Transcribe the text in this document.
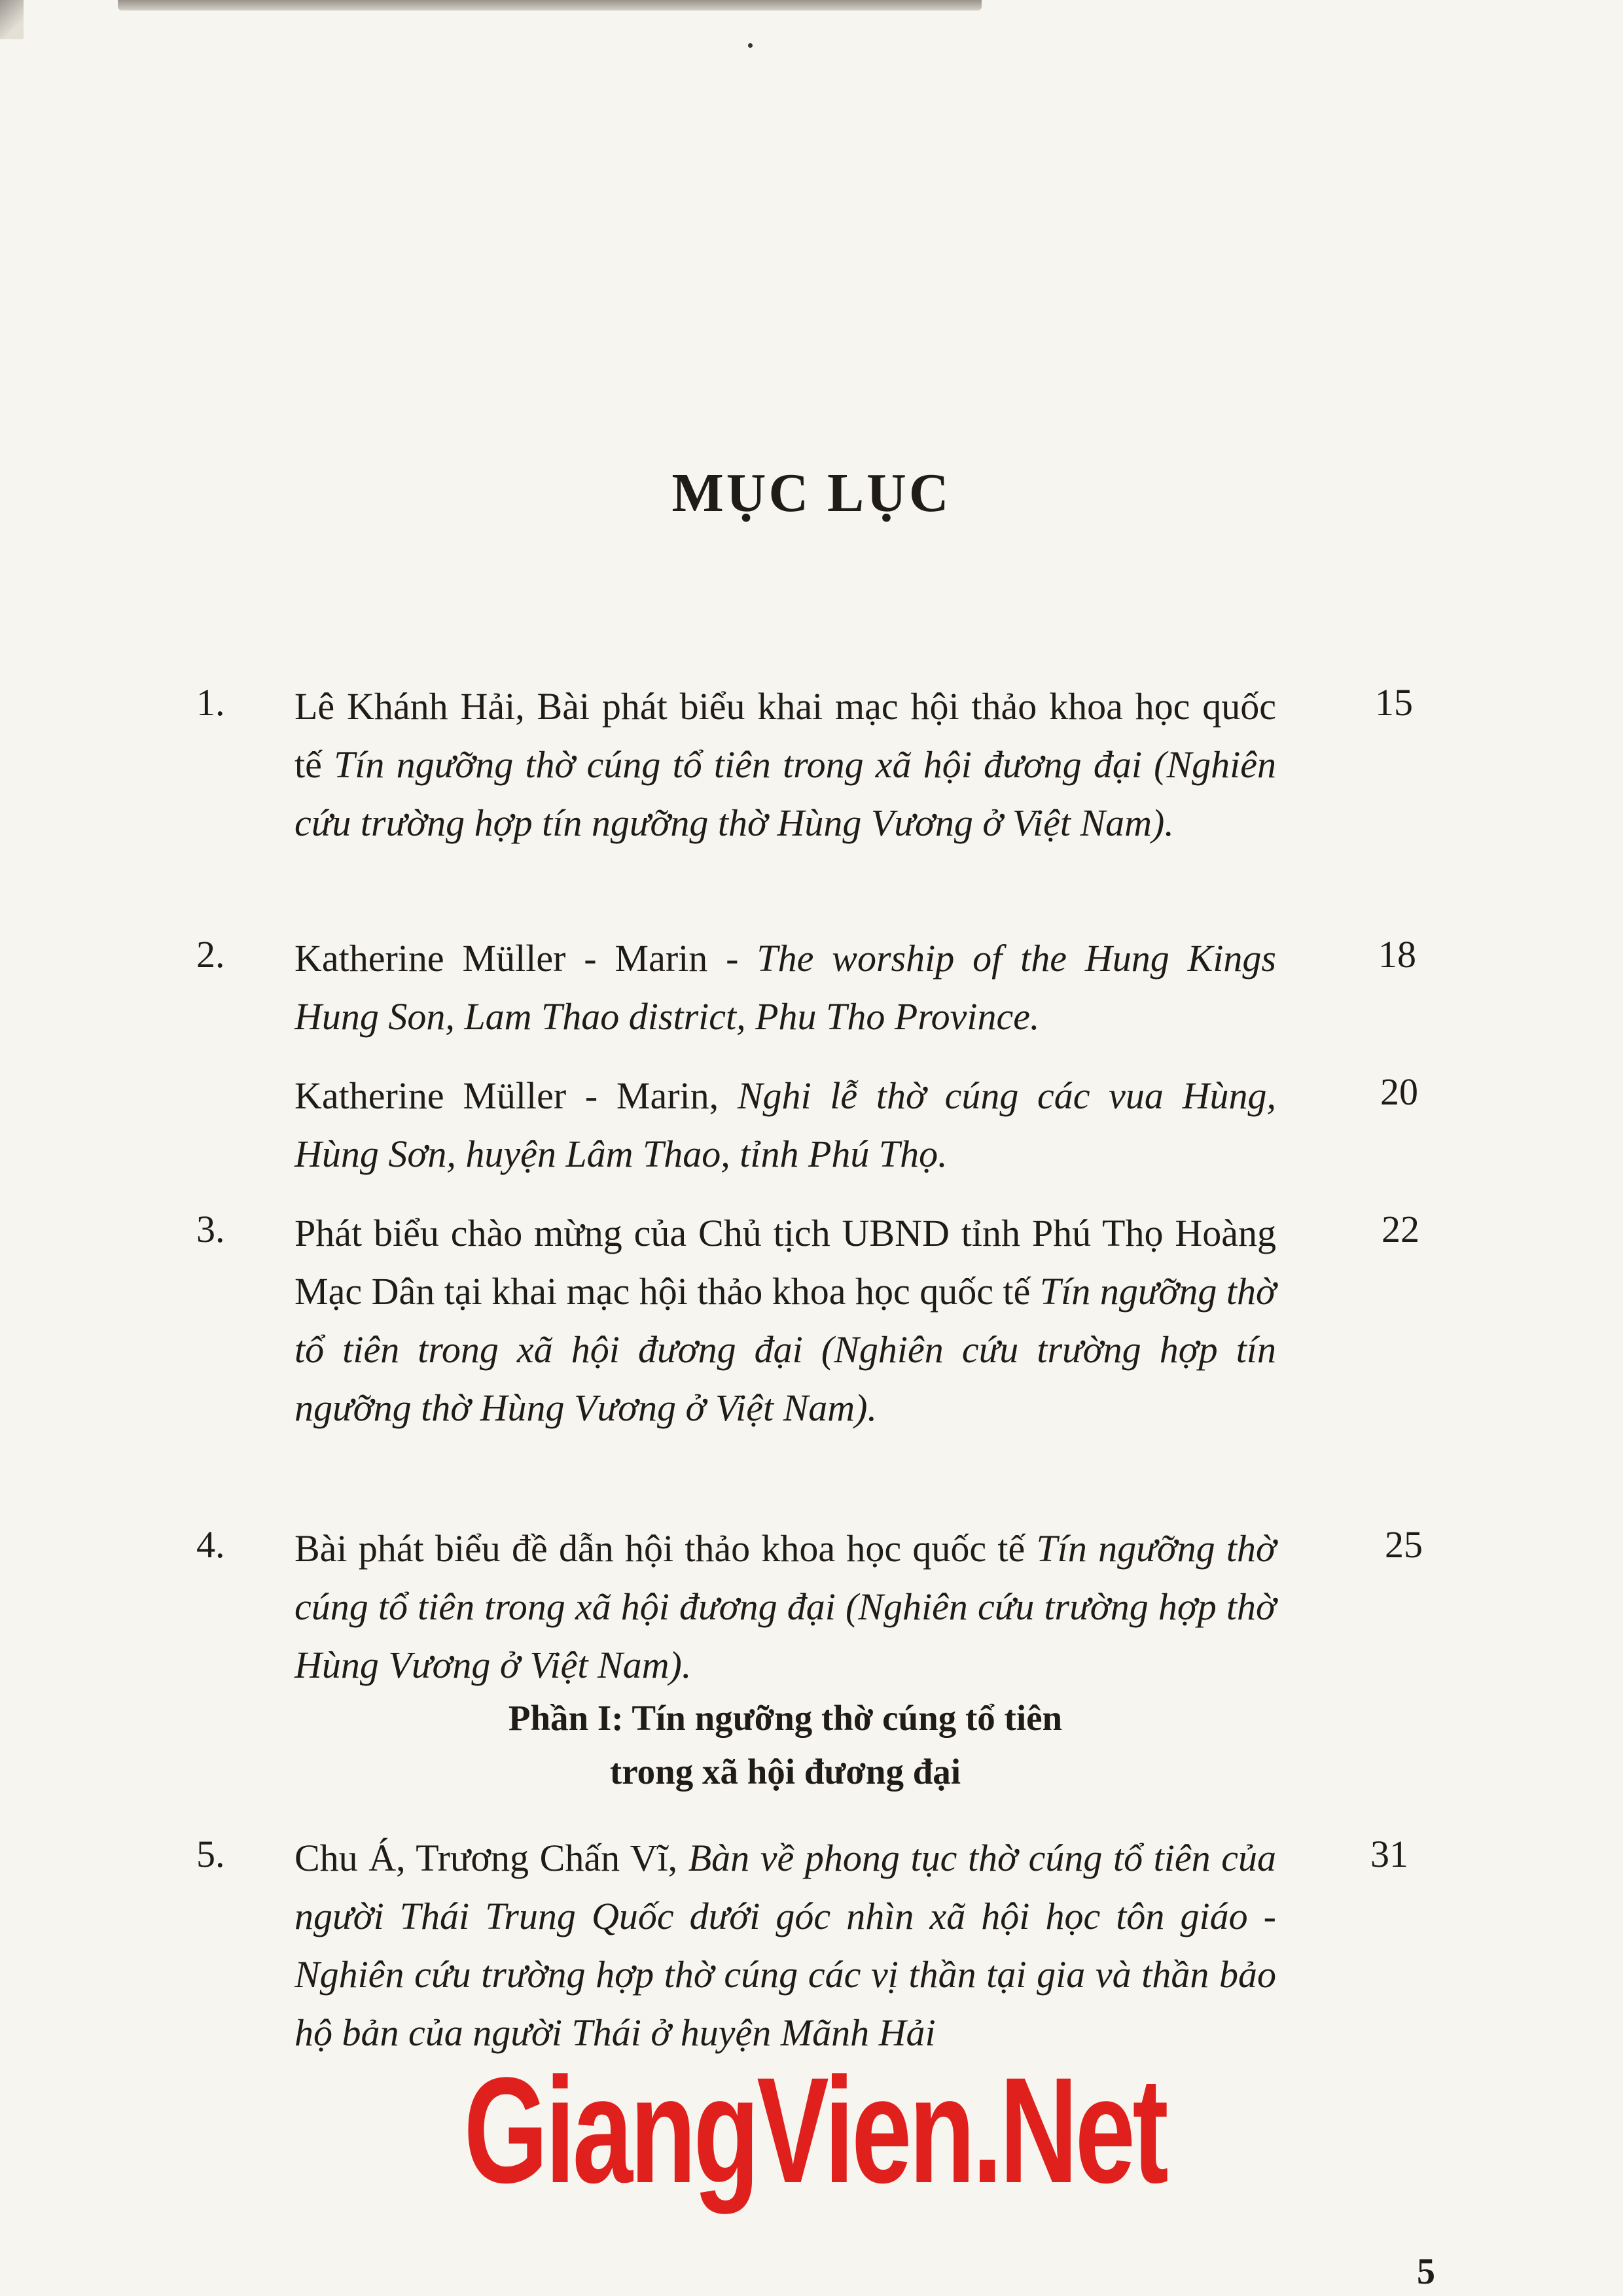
MỤC LỤC
1. Lê Khánh Hải, Bài phát biểu khai mạc hội thảo khoa học quốc tế Tín ngưỡng thờ cúng tổ tiên trong xã hội đương đại (Nghiên cứu trường hợp tín ngưỡng thờ Hùng Vương ở Việt Nam).
15
2. Katherine Müller - Marin - The worship of the Hung Kings Hung Son, Lam Thao district, Phu Tho Province.
18
Katherine Müller - Marin, Nghi lễ thờ cúng các vua Hùng, Hùng Sơn, huyện Lâm Thao, tỉnh Phú Thọ.
20
3. Phát biểu chào mừng của Chủ tịch UBND tỉnh Phú Thọ Hoàng Mạc Dân tại khai mạc hội thảo khoa học quốc tế Tín ngưỡng thờ tổ tiên trong xã hội đương đại (Nghiên cứu trường hợp tín ngưỡng thờ Hùng Vương ở Việt Nam).
22
4. Bài phát biểu đề dẫn hội thảo khoa học quốc tế Tín ngưỡng thờ cúng tổ tiên trong xã hội đương đại (Nghiên cứu trường hợp thờ Hùng Vương ở Việt Nam).
25
Phần I: Tín ngưỡng thờ cúng tổ tiên
trong xã hội đương đại
5. Chu Á, Trương Chấn Vĩ, Bàn về phong tục thờ cúng tổ tiên của người Thái Trung Quốc dưới góc nhìn xã hội học tôn giáo - Nghiên cứu trường hợp thờ cúng các vị thần tại gia và thần bảo hộ bản của người Thái ở huyện Mãnh Hải
31
GiangVien.Net
5
